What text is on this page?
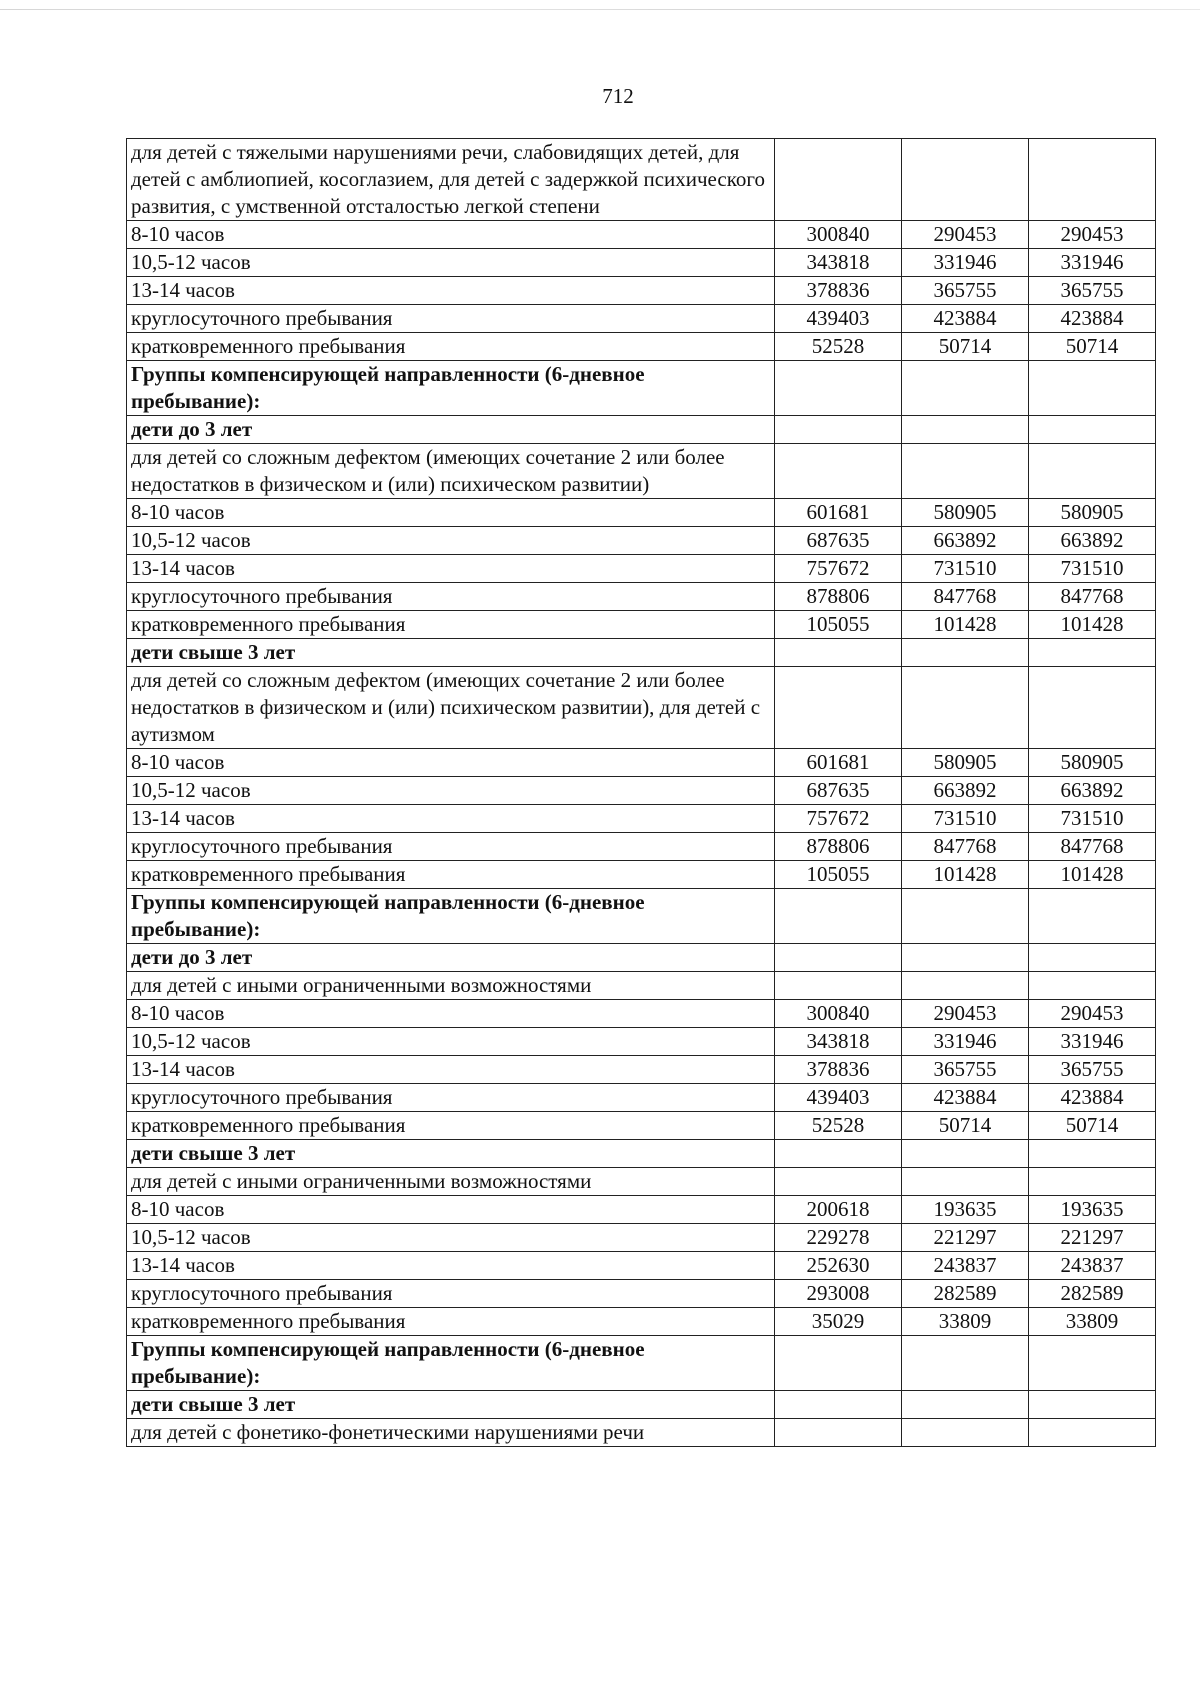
712
для детей с тяжелыми нарушениями речи, слабовидящих детей, для детей с амблиопией, косоглазием, для детей с задержкой психического развития, с умственной отсталостью легкой степени			
8-10 часов	300840	290453	290453
10,5-12 часов	343818	331946	331946
13-14 часов	378836	365755	365755
круглосуточного пребывания	439403	423884	423884
кратковременного пребывания	52528	50714	50714
Группы компенсирующей направленности (6-дневное пребывание):			
дети до 3 лет			
для детей со сложным дефектом (имеющих сочетание 2 или более недостатков в физическом и (или) психическом развитии)			
8-10 часов	601681	580905	580905
10,5-12 часов	687635	663892	663892
13-14 часов	757672	731510	731510
круглосуточного пребывания	878806	847768	847768
кратковременного пребывания	105055	101428	101428
дети свыше 3 лет			
для детей со сложным дефектом (имеющих сочетание 2 или более недостатков в физическом и (или) психическом развитии), для детей с аутизмом			
8-10 часов	601681	580905	580905
10,5-12 часов	687635	663892	663892
13-14 часов	757672	731510	731510
круглосуточного пребывания	878806	847768	847768
кратковременного пребывания	105055	101428	101428
Группы компенсирующей направленности (6-дневное пребывание):			
дети до 3 лет			
для детей с иными ограниченными возможностями			
8-10 часов	300840	290453	290453
10,5-12 часов	343818	331946	331946
13-14 часов	378836	365755	365755
круглосуточного пребывания	439403	423884	423884
кратковременного пребывания	52528	50714	50714
дети свыше 3 лет			
для детей с иными ограниченными возможностями			
8-10 часов	200618	193635	193635
10,5-12 часов	229278	221297	221297
13-14 часов	252630	243837	243837
круглосуточного пребывания	293008	282589	282589
кратковременного пребывания	35029	33809	33809
Группы компенсирующей направленности (6-дневное пребывание):			
дети свыше 3 лет			
для детей с фонетико-фонетическими нарушениями речи			
